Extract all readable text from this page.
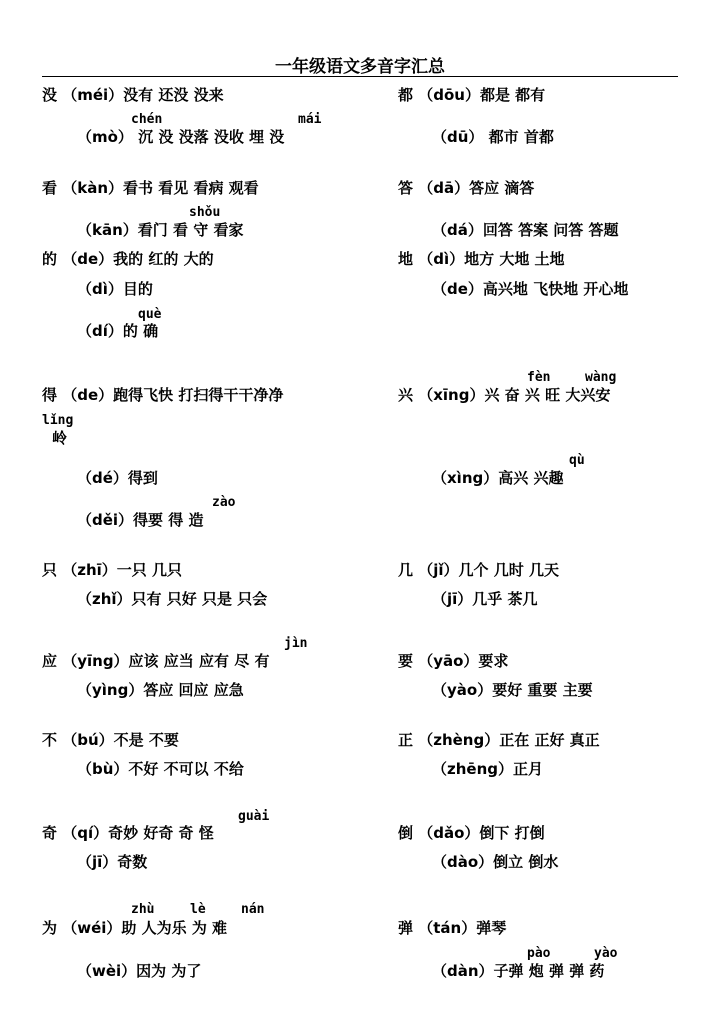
一年级语文多音字汇总
没 （méi）没有 还没 没来
chén	mái
（mò） 沉 没 没落 没收 埋 没
看 （kàn）看书 看见 看病 观看
shǒu
（kān）看门 看 守 看家
的 （de）我的 红的 大的
（dì）目的
què
（dí）的 确
得 （de）跑得飞快 打扫得干干净净
lǐng
岭
（dé）得到
zào
（děi）得要 得 造
只 （zhī）一只 几只
（zhǐ）只有 只好 只是 只会
jìn
应 （yīng）应该 应当 应有 尽 有
（yìng）答应 回应 应急
不 （bú）不是 不要
（bù）不好 不可以 不给
guài
奇 （qí）奇妙 好奇 奇 怪
（jī）奇数
zhù	lè	nán
为 （wéi）助 人为乐 为 难
（wèi）因为 为了
都 （dōu）都是 都有
（dū） 都市 首都
答 （dā）答应 滴答
（dá）回答 答案 问答 答题
地 （dì）地方 大地 土地
（de）高兴地 飞快地 开心地
fèn	wàng
兴 （xīng）兴 奋 兴 旺 大兴安
qù
（xìng）高兴 兴趣
几 （jǐ）几个 几时 几天
（jī）几乎 茶几
要 （yāo）要求
（yào）要好 重要 主要
正 （zhèng）正在 正好 真正
（zhēng）正月
倒 （dǎo）倒下 打倒
（dào）倒立 倒水
弹 （tán）弹琴
pào	yào
（dàn）子弹 炮 弹 弹 药
